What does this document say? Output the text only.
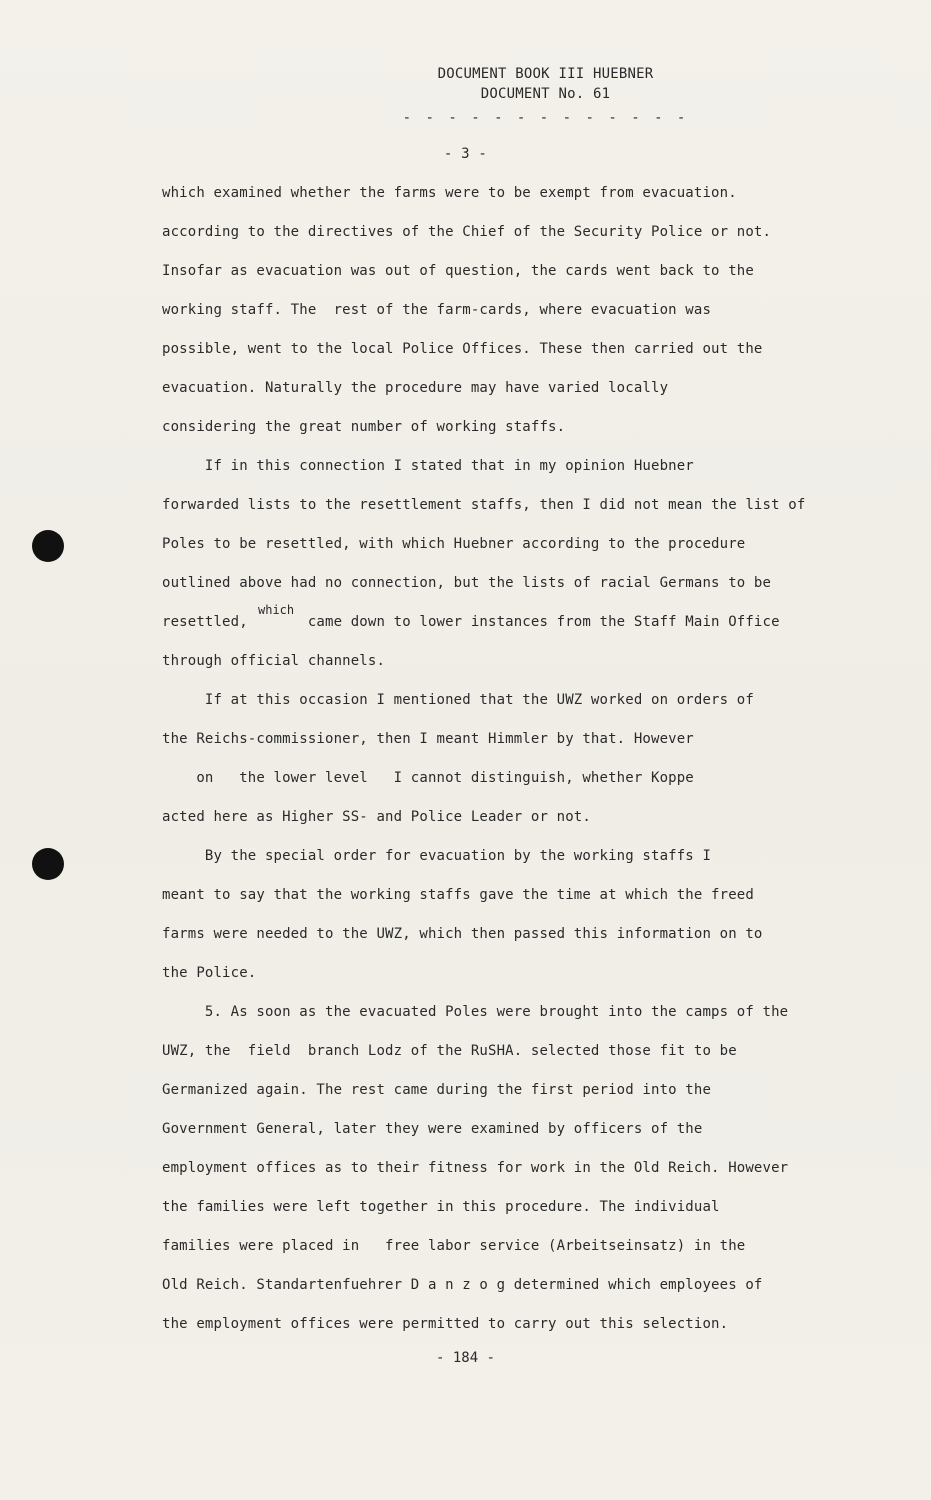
DOCUMENT BOOK III HUEBNER
DOCUMENT No. 61
- - - - - - - - - - - - -
- 3 -
which examined whether the farms were to be exempt from evacuation.
according to the directives of the Chief of the Security Police or not.
Insofar as evacuation was out of question, the cards went back to the
working staff. The  rest of the farm-cards, where evacuation was
possible, went to the local Police Offices. These then carried out the
evacuation. Naturally the procedure may have varied locally
considering the great number of working staffs.
If in this connection I stated that in my opinion Huebner
forwarded lists to the resettlement staffs, then I did not mean the list of
Poles to be resettled, with which Huebner according to the procedure
outlined above had no connection, but the lists of racial Germans to be
resettled,       came down to lower instances from the Staff Main Office
through official channels.
If at this occasion I mentioned that the UWZ worked on orders of
the Reichs-commissioner, then I meant Himmler by that. However
on   the lower level   I cannot distinguish, whether Koppe
acted here as Higher SS- and Police Leader or not.
By the special order for evacuation by the working staffs I
meant to say that the working staffs gave the time at which the freed
farms were needed to the UWZ, which then passed this information on to
the Police.
5. As soon as the evacuated Poles were brought into the camps of the
UWZ, the  field  branch Lodz of the RuSHA. selected those fit to be
Germanized again. The rest came during the first period into the
Government General, later they were examined by officers of the
employment offices as to their fitness for work in the Old Reich. However
the families were left together in this procedure. The individual
families were placed in   free labor service (Arbeitseinsatz) in the
Old Reich. Standartenfuehrer D a n z o g determined which employees of
the employment offices were permitted to carry out this selection.
which
- 184 -
